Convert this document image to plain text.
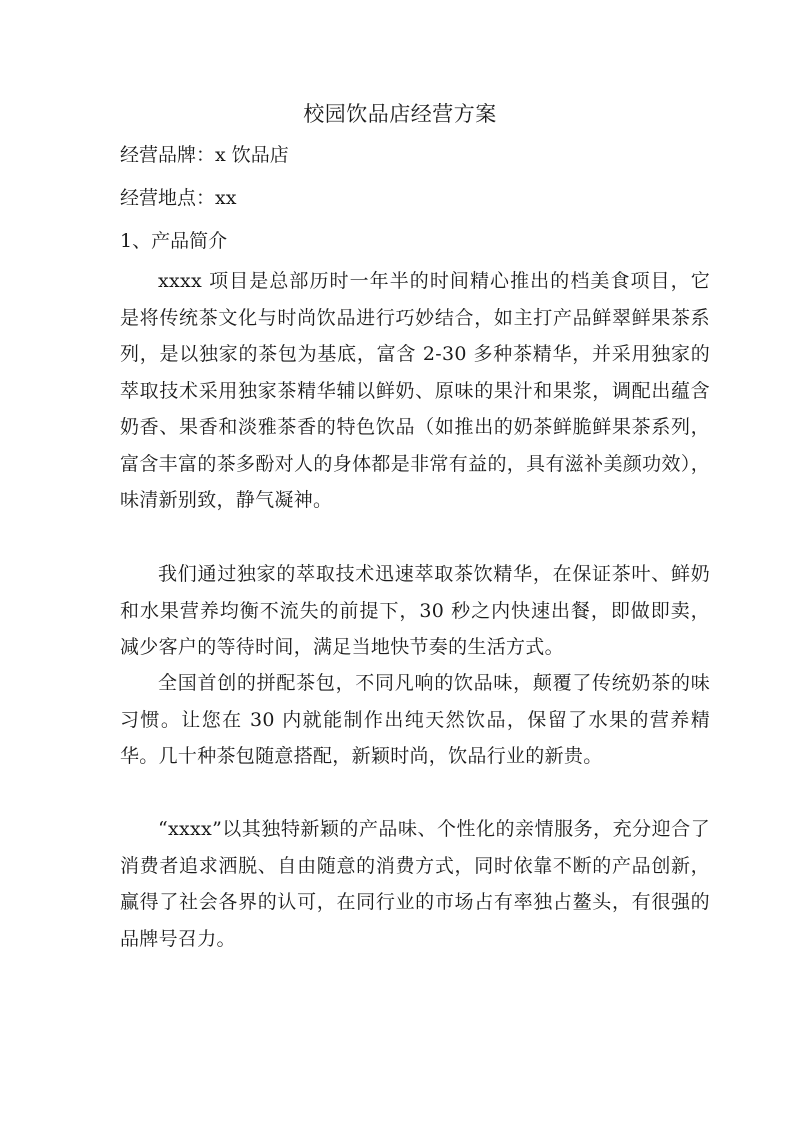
校园饮品店经营方案
经营品牌：x 饮品店
经营地点：xx
1、产品简介

xxxx 项目是总部历时一年半的时间精心推出的档美食项目，它是将传统茶文化与时尚饮品进行巧妙结合，如主打产品鲜翠鲜果茶系列，是以独家的茶包为基底，富含 2-30 多种茶精华，并采用独家的萃取技术采用独家茶精华辅以鲜奶、原味的果汁和果浆，调配出蕴含奶香、果香和淡雅茶香的特色饮品（如推出的奶茶鲜脆鲜果茶系列，富含丰富的茶多酚对人的身体都是非常有益的，具有滋补美颜功效），味清新别致，静气凝神。

我们通过独家的萃取技术迅速萃取茶饮精华，在保证茶叶、鲜奶和水果营养均衡不流失的前提下，30 秒之内快速出餐，即做即卖，减少客户的等待时间，满足当地快节奏的生活方式。

全国首创的拼配茶包，不同凡响的饮品味，颠覆了传统奶茶的味习惯。让您在 30 内就能制作出纯天然饮品，保留了水果的营养精华。几十种茶包随意搭配，新颖时尚，饮品行业的新贵。

“xxxx”以其独特新颖的产品味、个性化的亲情服务，充分迎合了消费者追求洒脱、自由随意的消费方式，同时依靠不断的产品创新，赢得了社会各界的认可，在同行业的市场占有率独占鳌头，有很强的品牌号召力。
